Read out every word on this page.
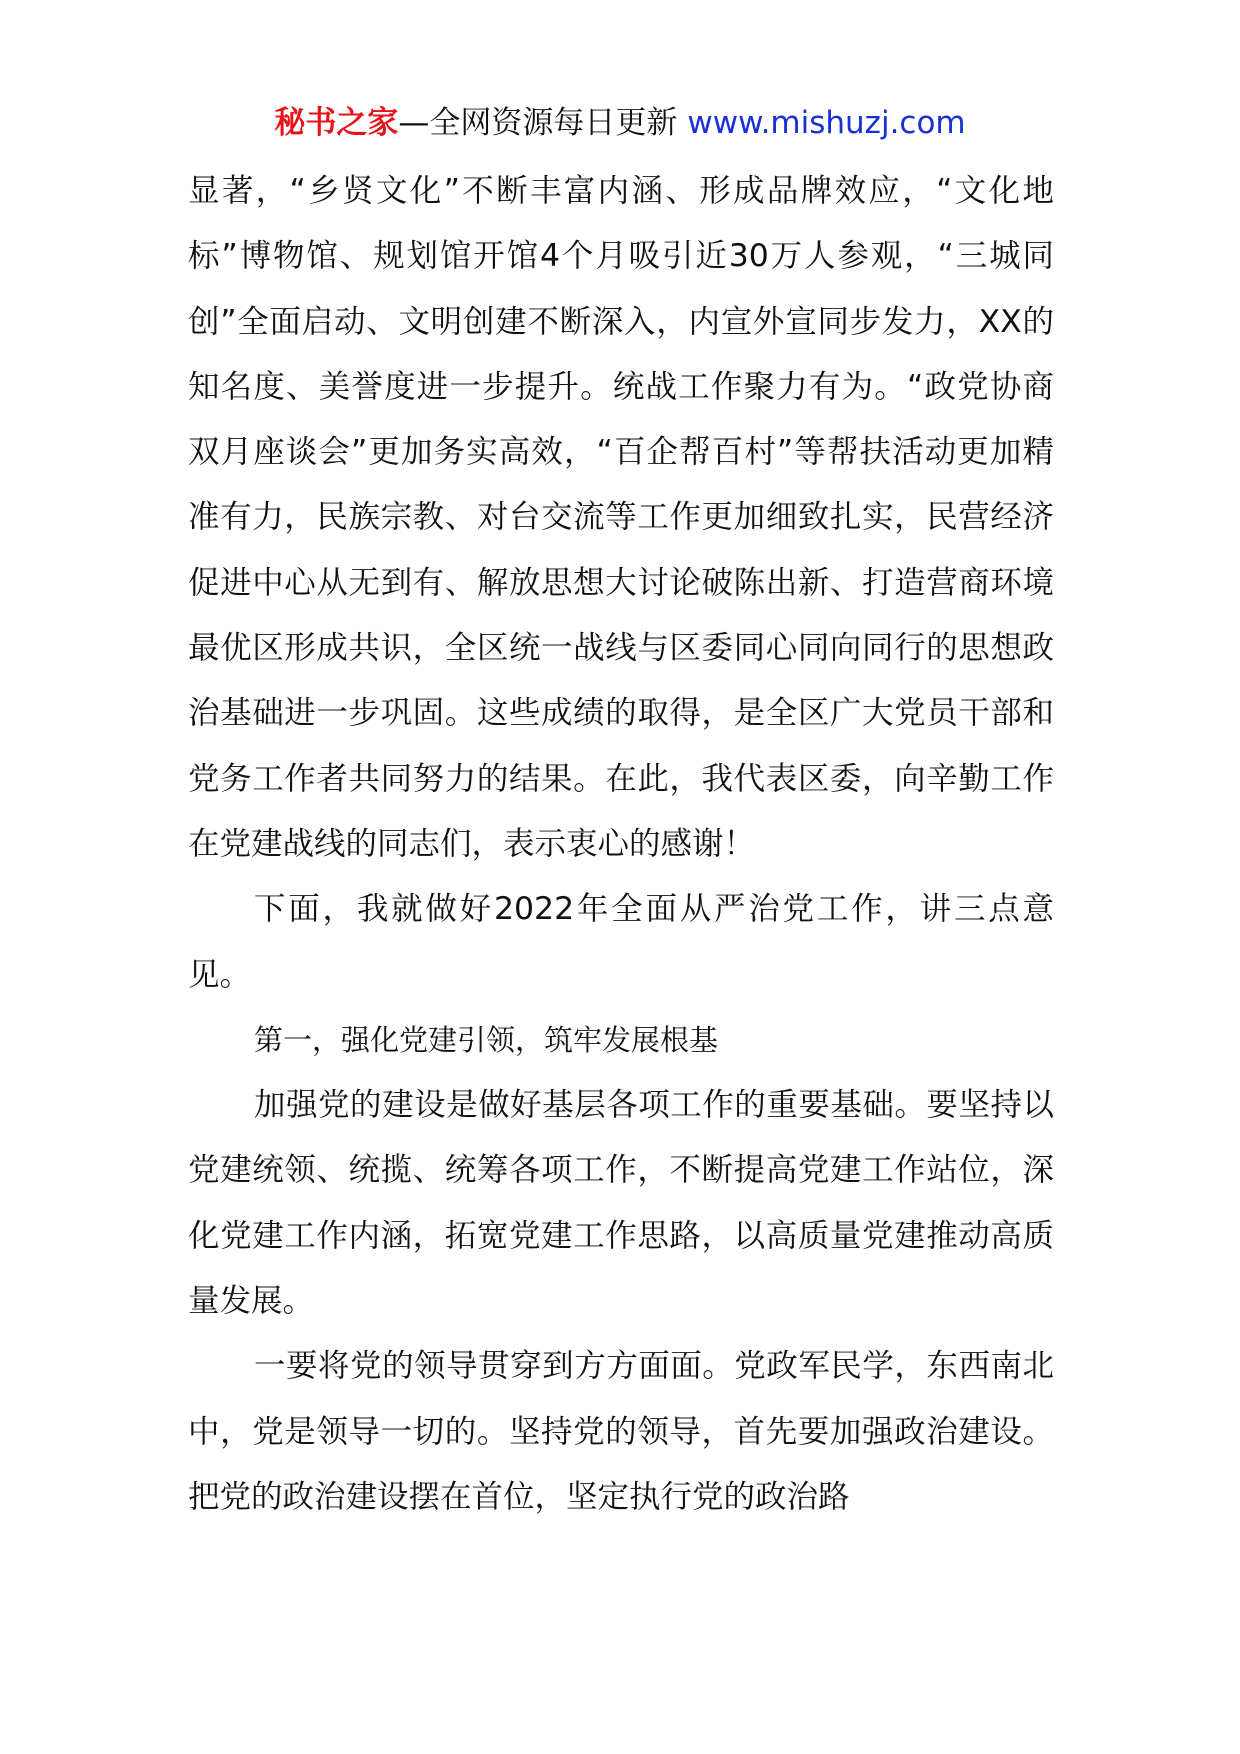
秘书之家—全网资源每日更新 www.mishuzj.com

显著，“乡贤文化”不断丰富内涵、形成品牌效应，“文化地标”博物馆、规划馆开馆4个月吸引近30万人参观，“三城同创”全面启动、文明创建不断深入，内宣外宣同步发力，XX的知名度、美誉度进一步提升。统战工作聚力有为。“政党协商双月座谈会”更加务实高效，“百企帮百村”等帮扶活动更加精准有力，民族宗教、对台交流等工作更加细致扎实，民营经济促进中心从无到有、解放思想大讨论破陈出新、打造营商环境最优区形成共识，全区统一战线与区委同心同向同行的思想政治基础进一步巩固。这些成绩的取得，是全区广大党员干部和党务工作者共同努力的结果。在此，我代表区委，向辛勤工作在党建战线的同志们，表示衷心的感谢！

下面，我就做好2022年全面从严治党工作，讲三点意见。

第一，强化党建引领，筑牢发展根基

加强党的建设是做好基层各项工作的重要基础。要坚持以党建统领、统揽、统筹各项工作，不断提高党建工作站位，深化党建工作内涵，拓宽党建工作思路，以高质量党建推动高质量发展。

一要将党的领导贯穿到方方面面。党政军民学，东西南北中，党是领导一切的。坚持党的领导，首先要加强政治建设。把党的政治建设摆在首位，坚定执行党的政治路
